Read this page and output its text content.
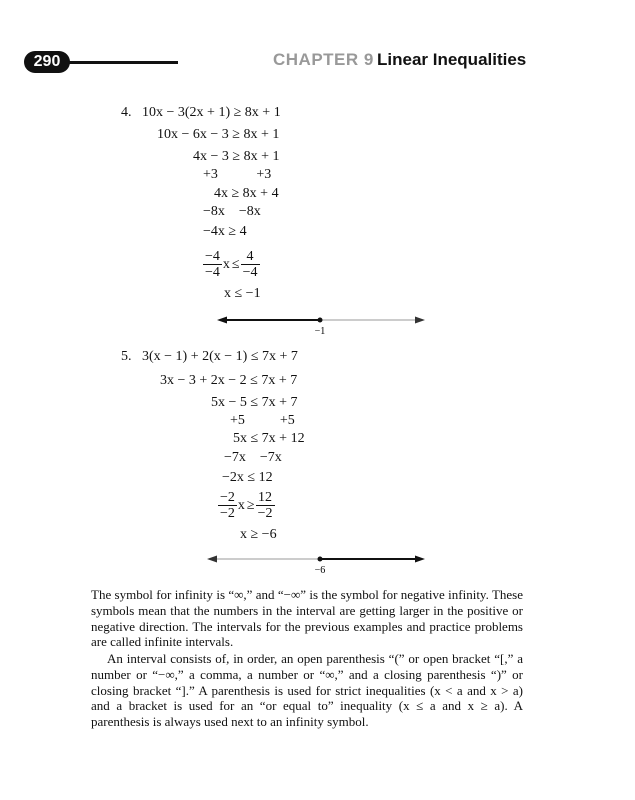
290	CHAPTER 9 Linear Inequalities
4. 10x − 3(2x + 1) ≥ 8x + 1
10x − 6x − 3 ≥ 8x + 1
4x − 3 ≥ 8x + 1
+3           +3
4x ≥ 8x + 4
−8x    −8x
−4x ≥ 4
$\frac{-4}{-4}$ $x \le \frac{4}{-4}$
x ≤ −1
−1
5. 3(x − 1) + 2(x − 1) ≤ 7x + 7
3x − 3 + 2x − 2 ≤ 7x + 7
5x − 5 ≤ 7x + 7
+5          +5
5x ≤ 7x + 12
−7x    −7x
−2x ≤ 12
$\frac{-2}{-2}$ $x \ge \frac{12}{-2}$
x ≥ −6
−6
The symbol for infinity is “∞,” and “−∞” is the symbol for negative infinity. These symbols mean that the numbers in the interval are getting larger in the positive or negative direction. The intervals for the previous examples and practice problems are called infinite intervals.
An interval consists of, in order, an open parenthesis “(” or open bracket “[,” a number or “−∞,” a comma, a number or “∞,” and a closing parenthesis “)” or closing bracket “].” A parenthesis is used for strict inequalities (x < a and x > a) and a bracket is used for an “or equal to” inequality (x ≤ a and x ≥ a). A parenthesis is always used next to an infinity symbol.
